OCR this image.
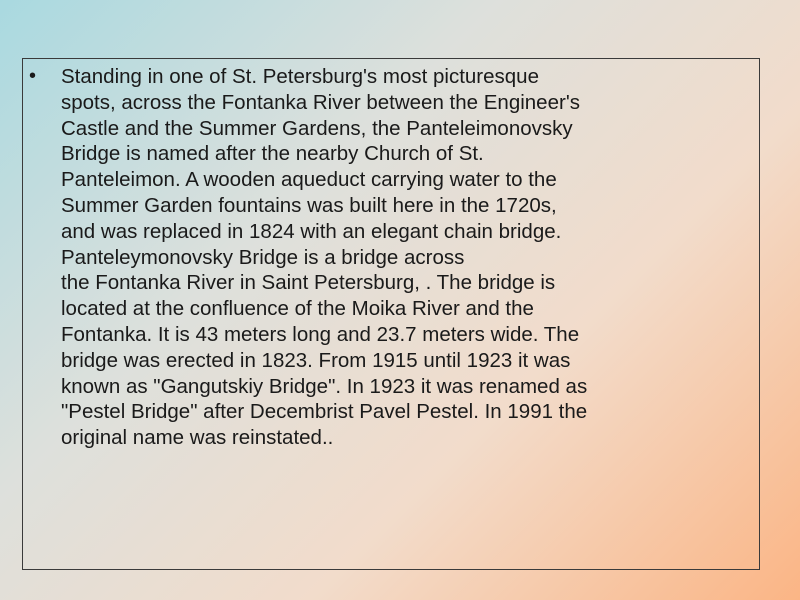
• Standing in one of St. Petersburg's most picturesque
spots, across the Fontanka River between the Engineer's
Castle and the Summer Gardens, the Panteleimonovsky
Bridge is named after the nearby Church of St.
Panteleimon. A wooden aqueduct carrying water to the
Summer Garden fountains was built here in the 1720s,
and was replaced in 1824 with an elegant chain bridge.
Panteleymonovsky Bridge is a bridge across
the Fontanka River in Saint Petersburg, . The bridge is
located at the confluence of the Moika River and the
Fontanka. It is 43 meters long and 23.7 meters wide. The
bridge was erected in 1823. From 1915 until 1923 it was
known as "Gangutskiy Bridge". In 1923 it was renamed as
"Pestel Bridge" after Decembrist Pavel Pestel. In 1991 the
original name was reinstated..
